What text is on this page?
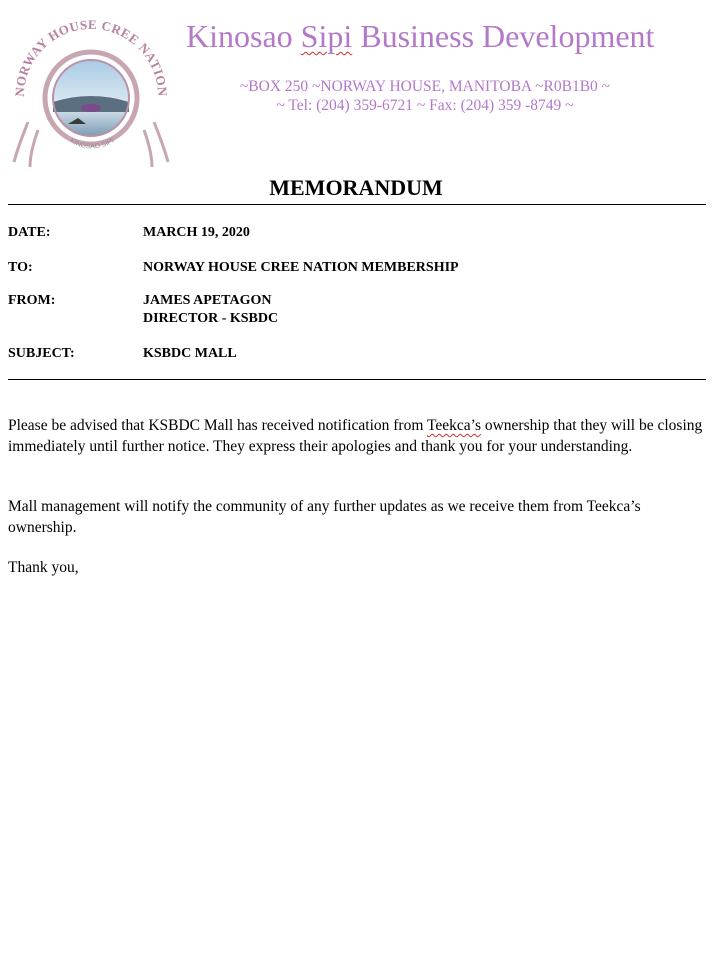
NORWAY HOUSE CREE NATION
KINOSAO SIPI
Kinosao Sipi Business Development
~BOX 250 ~NORWAY HOUSE, MANITOBA ~R0B1B0 ~
~ Tel: (204) 359-6721 ~ Fax: (204) 359 -8749 ~
MEMORANDUM
DATE:	MARCH 19, 2020
TO:	NORWAY HOUSE CREE NATION MEMBERSHIP
FROM:	JAMES APETAGON
DIRECTOR - KSBDC
SUBJECT:	KSBDC MALL
Please be advised that KSBDC Mall has received notification from Teekca’s ownership that they will be closing immediately until further notice. They express their apologies and thank you for your understanding.
Mall management will notify the community of any further updates as we receive them from Teekca’s ownership.
Thank you,
